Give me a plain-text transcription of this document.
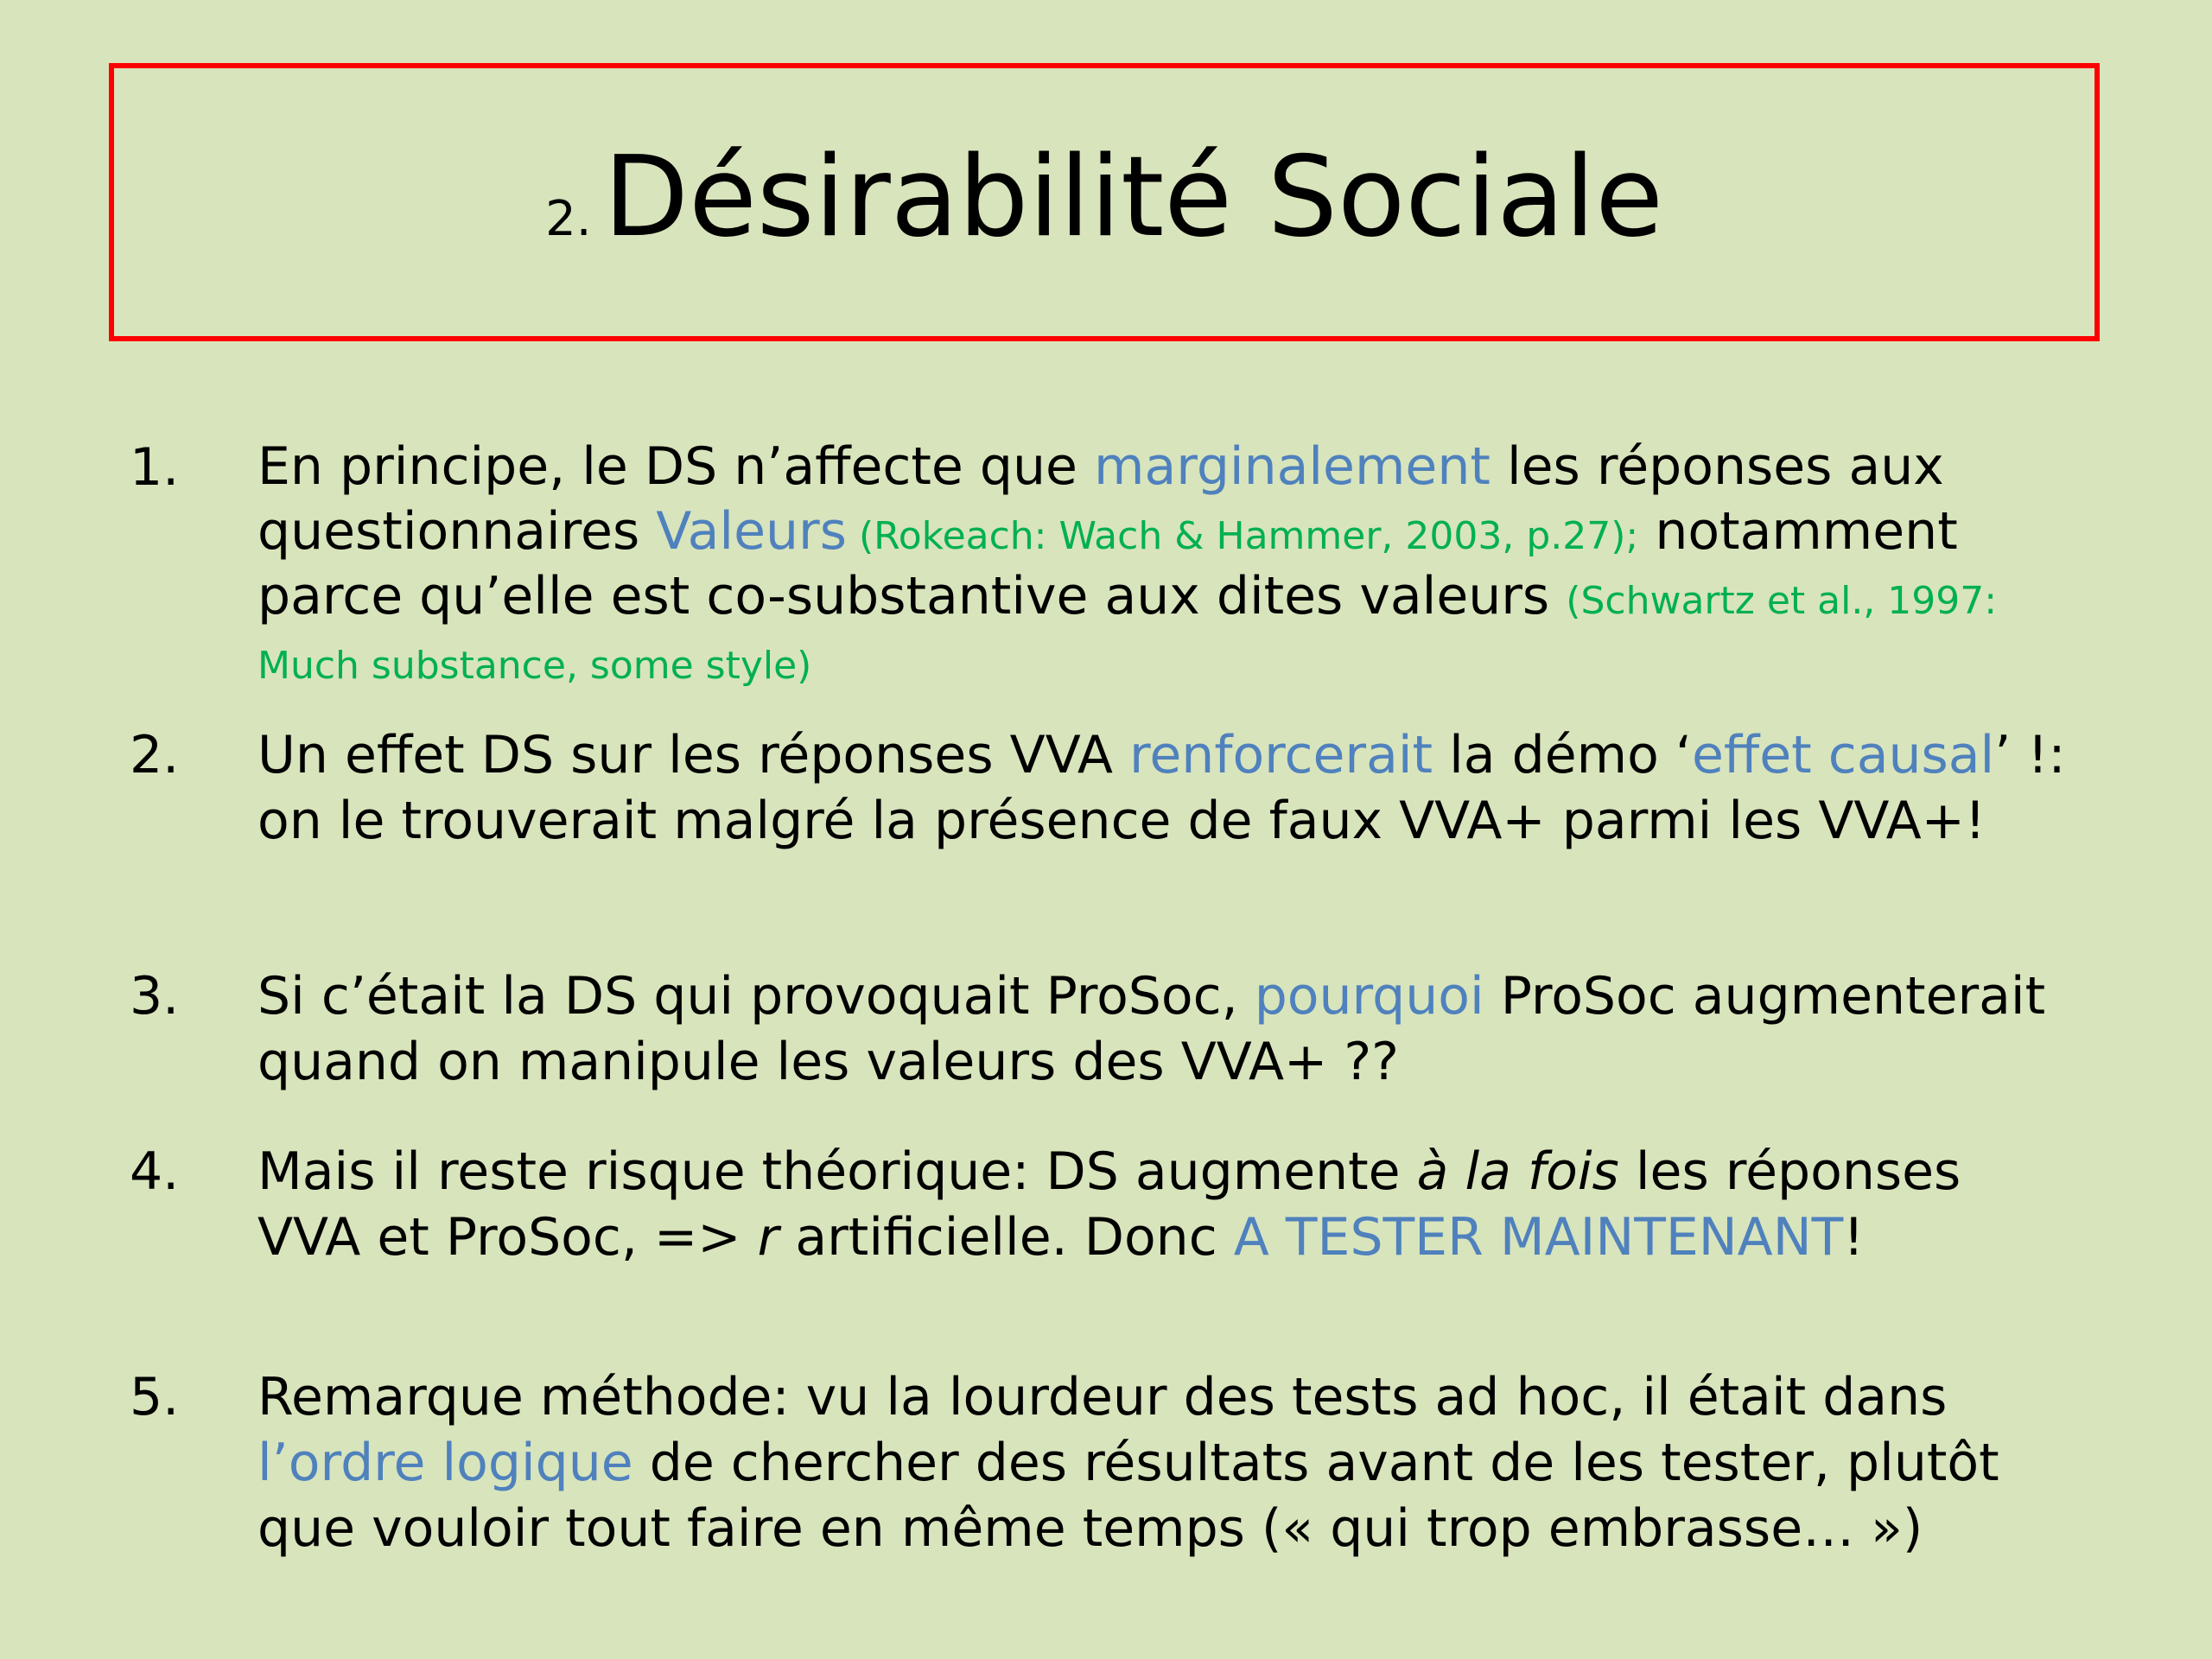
2. Désirabilité Sociale
1.	En principe, le DS n’affecte que marginalement les réponses aux questionnaires Valeurs (Rokeach: Wach & Hammer, 2003, p.27); notamment parce qu’elle est co-substantive aux dites valeurs (Schwartz et al., 1997: Much substance, some style)
2.	Un effet DS sur les réponses VVA renforcerait la démo ‘effet causal’ !: on le trouverait malgré la présence de faux VVA+ parmi les VVA+!
3.	Si c’était la DS qui provoquait ProSoc, pourquoi ProSoc augmenterait quand on manipule les valeurs des VVA+ ??
4.	Mais il reste risque théorique: DS augmente à la fois les réponses VVA et ProSoc, => r artificielle. Donc A TESTER MAINTENANT!
5.	Remarque méthode: vu la lourdeur des tests ad hoc, il était dans l’ordre logique de chercher des résultats avant de les tester, plutôt que vouloir tout faire en même temps (« qui trop embrasse… »)
